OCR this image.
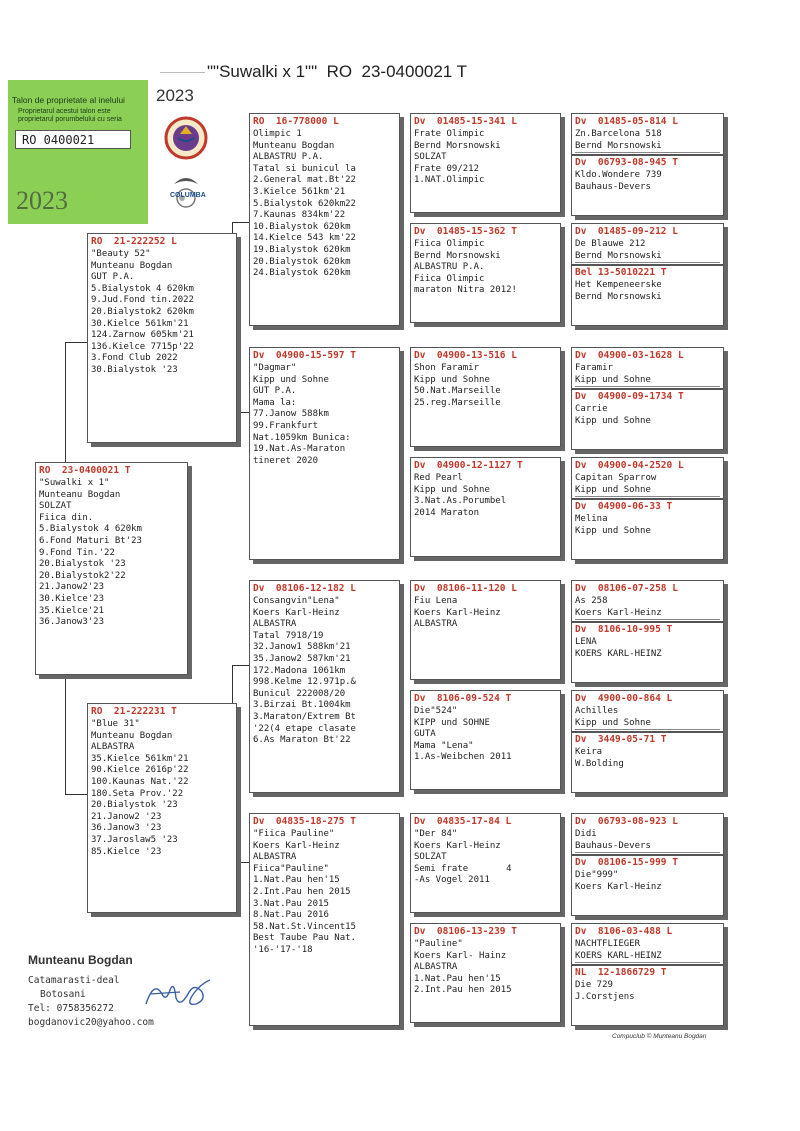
""Suwalki x 1""  RO  23-0400021 T
Talon de proprietate al inelului
Proprietarul acestui talon este proprietarul porumbelului cu seria
RO 0400021
2023
2023
COLUMBA
RO  23-0400021 T
"Suwalki x 1"
Munteanu Bogdan
SOLZAT
Fiica din.
5.Bialystok 4 620km
6.Fond Maturi Bt'23
9.Fond Tin.'22
20.Bialystok '23
20.Bialystok2'22
21.Janow2'23
30.Kielce'23
35.Kielce'21
36.Janow3'23
RO  21-222252 L
"Beauty 52"
Munteanu Bogdan
GUT P.A.
5.Bialystok 4 620km
9.Jud.Fond tin.2022
20.Bialystok2 620km
30.Kielce 561km'21
124.Zarnow 605km'21
136.Kielce 7715p'22
3.Fond Club 2022
30.Bialystok '23
RO  21-222231 T
"Blue 31"
Munteanu Bogdan
ALBASTRA
35.Kielce 561km'21
90.Kielce 2616p'22
100.Kaunas Nat.'22
180.Seta Prov.'22
20.Bialystok '23
21.Janow2 '23
36.Janow3 '23
37.Jaroslaw5 '23
85.Kielce '23
RO  16-778000 L
Olimpic 1
Munteanu Bogdan
ALBASTRU P.A.
Tatal si bunicul la
2.General mat.Bt'22
3.Kielce 561km'21
5.Bialystok 620km22
7.Kaunas 834km'22
10.Bialystok 620km
14.Kielce 543 km'22
19.Bialystok 620km
20.Bialystok 620km
24.Bialystok 620km
Dv  04900-15-597 T
"Dagmar"
Kipp und Sohne
GUT P.A.
Mama la:
77.Janow 588km
99.Frankfurt
Nat.1059km Bunica:
19.Nat.As-Maraton
tineret 2020
Dv  08106-12-182 L
Consangvin"Lena"
Koers Karl-Heinz
ALBASTRA
Tatal 7918/19
32.Janow1 588km'21
35.Janow2 587km'21
172.Madona 1061km
998.Kelme 12.971p.&
Bunicul 222008/20
3.Birzai Bt.1004km
3.Maraton/Extrem Bt
'22(4 etape clasate
6.As Maraton Bt'22
Dv  04835-18-275 T
"Fiica Pauline"
Koers Karl-Heinz
ALBASTRA
Fiica"Pauline"
1.Nat.Pau hen'15
2.Int.Pau hen 2015
3.Nat.Pau 2015
8.Nat.Pau 2016
58.Nat.St.Vincent15
Best Taube Pau Nat.
'16-'17-'18
Dv  01485-15-341 L
Frate Olimpic
Bernd Morsnowski
SOLZAT
Frate 09/212
1.NAT.Olimpic
Dv  01485-15-362 T
Fiica Olimpic
Bernd Morsnowski
ALBASTRU P.A.
Fiica Olimpic
maraton Nitra 2012!
Dv  04900-13-516 L
Shon Faramir
Kipp und Sohne
50.Nat.Marseille
25.reg.Marseille
Dv  04900-12-1127 T
Red Pearl
Kipp und Sohne
3.Nat.As.Porumbel
2014 Maraton
Dv  08106-11-120 L
Fiu Lena
Koers Karl-Heinz
ALBASTRA
Dv  8106-09-524 T
Die"524"
KIPP und SOHNE
GUTA
Mama "Lena"
1.As-Weibchen 2011
Dv  04835-17-84 L
"Der 84"
Koers Karl-Heinz
SOLZAT
Semi frate       4
-As Vogel 2011
Dv  08106-13-239 T
"Pauline"
Koers Karl- Hainz
ALBASTRA
1.Nat.Pau hen'15
2.Int.Pau hen 2015
Dv  01485-05-814 L
Zn.Barcelona 518
Bernd Morsnowski
Dv  06793-08-945 T
Kldo.Wondere 739
Bauhaus-Devers
Dv  01485-09-212 L
De Blauwe 212
Bernd Morsnowski
Bel 13-5010221 T
Het Kempeneerske
Bernd Morsnowski
Dv  04900-03-1628 L
Faramir
Kipp und Sohne
Dv  04900-09-1734 T
Carrie
Kipp und Sohne
Dv  04900-04-2520 L
Capitan Sparrow
Kipp und Sohne
Dv  04900-06-33 T
Melina
Kipp und Sohne
Dv  08106-07-258 L
As 258
Koers Karl-Heinz
Dv  8106-10-995 T
LENA
KOERS KARL-HEINZ
Dv  4900-00-864 L
Achilles
Kipp und Sohne
Dv  3449-05-71 T
Keira
W.Bolding
Dv  06793-08-923 L
Didi
Bauhaus-Devers
Dv  08106-15-999 T
Die"999"
Koers Karl-Heinz
Dv  8106-03-488 L
NACHTFLIEGER
KOERS KARL-HEINZ
NL  12-1866729 T
Die 729
J.Corstjens
Munteanu Bogdan
Catamarasti-deal
Botosani
Tel: 0758356272
bogdanovic20@yahoo.com
Compuclub © Munteanu Bogdan
